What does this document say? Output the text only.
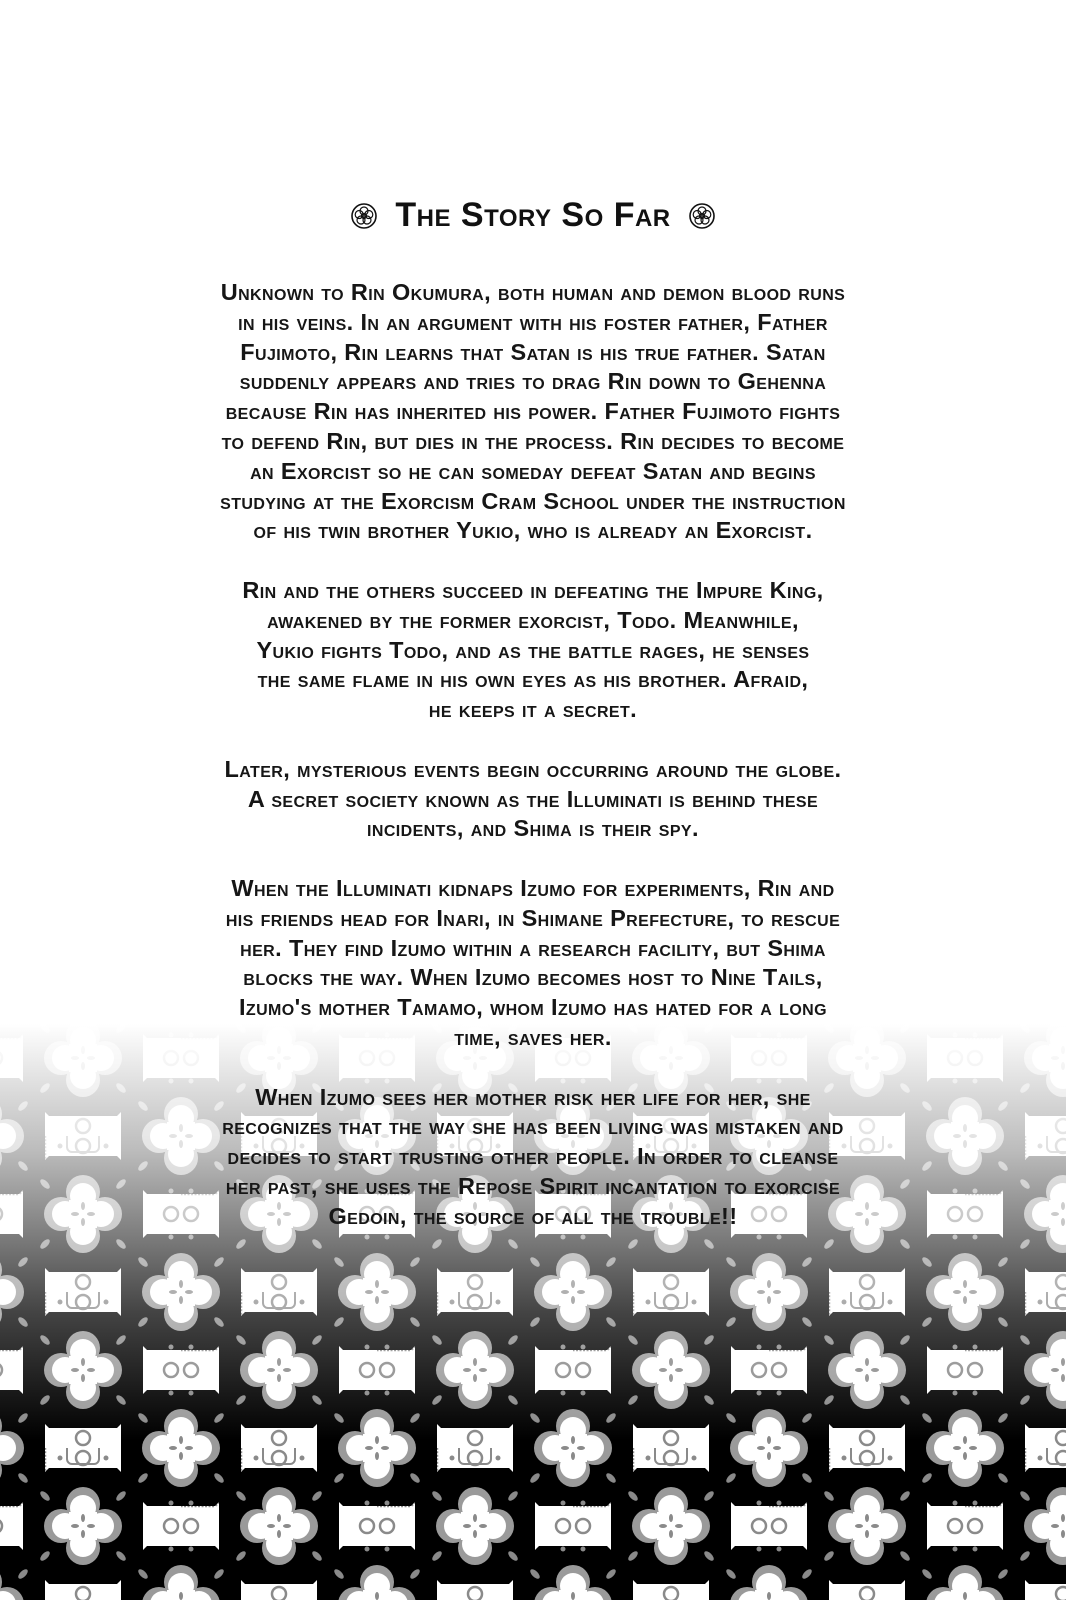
The Story So Far

Unknown to Rin Okumura, both human and demon blood runs
in his veins. In an argument with his foster father, Father
Fujimoto, Rin learns that Satan is his true father. Satan
suddenly appears and tries to drag Rin down to Gehenna
because Rin has inherited his power. Father Fujimoto fights
to defend Rin, but dies in the process. Rin decides to become
an Exorcist so he can someday defeat Satan and begins
studying at the Exorcism Cram School under the instruction
of his twin brother Yukio, who is already an Exorcist.

Rin and the others succeed in defeating the Impure King,
awakened by the former exorcist, Todo. Meanwhile,
Yukio fights Todo, and as the battle rages, he senses
the same flame in his own eyes as his brother. Afraid,
he keeps it a secret.

Later, mysterious events begin occurring around the globe.
A secret society known as the Illuminati is behind these
incidents, and Shima is their spy.

When the Illuminati kidnaps Izumo for experiments, Rin and
his friends head for Inari, in Shimane Prefecture, to rescue
her. They find Izumo within a research facility, but Shima
blocks the way. When Izumo becomes host to Nine Tails,
Izumo's mother Tamamo, whom Izumo has hated for a long
time, saves her.

When Izumo sees her mother risk her life for her, she
recognizes that the way she has been living was mistaken and
decides to start trusting other people. In order to cleanse
her past, she uses the Repose Spirit incantation to exorcise
Gedoin, the source of all the trouble!!
